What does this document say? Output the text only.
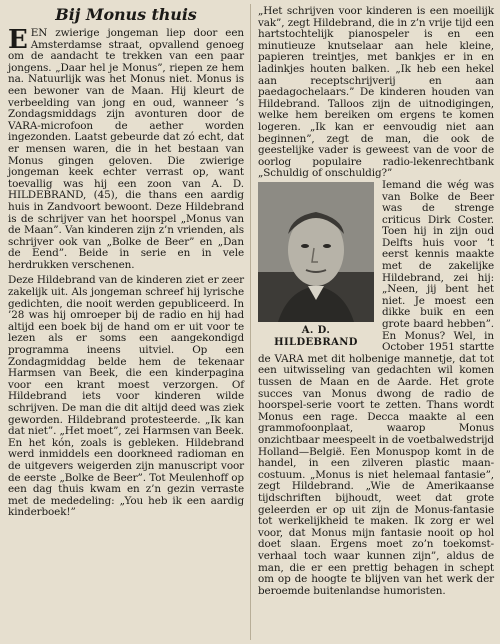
Bij Monus thuis

EEN zwierige jongeman liep door een Amsterdamse straat, opvallend genoeg om de aandacht te trekken van een paar jongens. „Daar hel je Monus”, riepen ze hem na. Natuurlijk was het Monus niet. Monus is een bewoner van de Maan. Hij kleurt de verbeelding van jong en oud, wanneer ’s Zondagsmiddags zijn avonturen door de VARA-microfoon de aether worden ingezonden. Laatst gebeurde dat zó echt, dat er mensen waren, die in het bestaan van Monus gingen geloven. Die zwierige jongeman keek echter verrast op, want toevallig was hij een zoon van A. D. HILDEBRAND, (45), die thans een aardig huis in Zandvoort bewoont. Deze Hildebrand is de schrijver van het hoorspel „Monus van de Maan”. Van kinderen zijn z’n vrienden, als schrijver ook van „Bolke de Beer” en „Dan de Eend”. Beide in serie en in vele herdrukken verschenen.

Deze Hildebrand van de kinderen ziet er zeer zakelijk uit. Als jongeman schreef hij lyrische gedichten, die nooit werden gepubliceerd. In ’28 was hij omroeper bij de radio en hij had altijd een boek bij de hand om er uit voor te lezen als er soms een aangekondigd programma ineens uitviel. Op een Zondagmiddag belde hem de tekenaar Harmsen van Beek, die een kinderpagina voor een krant moest verzorgen. Of Hildebrand iets voor kinderen wilde schrijven. De man die dit altijd deed was ziek geworden. Hildebrand protesteerde. „Ik kan dat niet”. „Het moet”, zei Harmsen van Beek. En het kón, zoals is gebleken. Hildebrand werd inmiddels een doorkneed radioman en de uitgevers weigerden zijn manuscript voor de eerste „Bolke de Beer”. Tot Meulenhoff op een dag thuis kwam en z’n gezin verraste met de mededeling: „You heb ik een aardig kinderboek!”

„Het schrijven voor kinderen is een moeilijk vak”, zegt Hildebrand, die in z’n vrije tijd een hartstochtelijk pianospeler is en een minutieuze knutselaar aan hele kleine, papieren treintjes, met bankjes er in en ladinkjes houten balken. „Ik heb een hekel aan receptschrijverij en aan paedagochelaars.” De kinderen houden van Hildebrand. Talloos zijn de uitnodigingen, welke hem bereiken om ergens te komen logeren. „Ik kan er eenvoudig niet aan beginnen”, zegt de man, die ook de geestelijke vader is geweest van de voor de oorlog populaire radio-lekenrechtbank „Schuldig of onschuldig?”

A. D. HILDEBRAND

Iemand die wég was van Bolke de Beer was de strenge criticus Dirk Coster. Toen hij in zijn oud Delfts huis voor ’t eerst kennis maakte met de zakelijke Hildebrand, zei hij: „Neen, jij bent het niet. Je moest een dikke buik en een grote baard hebben”. En Monus? Wel, in October 1951 startte de VARA met dit holbenige mannetje, dat tot een uitwisseling van gedachten wil komen tussen de Maan en de Aarde. Het grote succes van Monus dwong de radio de hoorspel-serie voort te zetten. Thans wordt Monus een rage. Decca maakte al een grammofoonplaat, waarop Monus onzichtbaar meespeelt in de voetbalwedstrijd Holland—België. Een Monuspop komt in de handel, in een zilveren plastic maan-costuum. „Monus is niet helemaal fantasie”, zegt Hildebrand. „Wie de Amerikaanse tijdschriften bijhoudt, weet dat grote geleerden er op uit zijn de Monus-fantasie tot werkelijkheid te maken. Ik zorg er wel voor, dat Monus mijn fantasie nooit op hol doet slaan. Ergens moet zo’n toekomst-verhaal toch waar kunnen zijn”, aldus de man, die er een prettig behagen in schept om op de hoogte te blijven van het werk der beroemde buitenlandse humoristen.
